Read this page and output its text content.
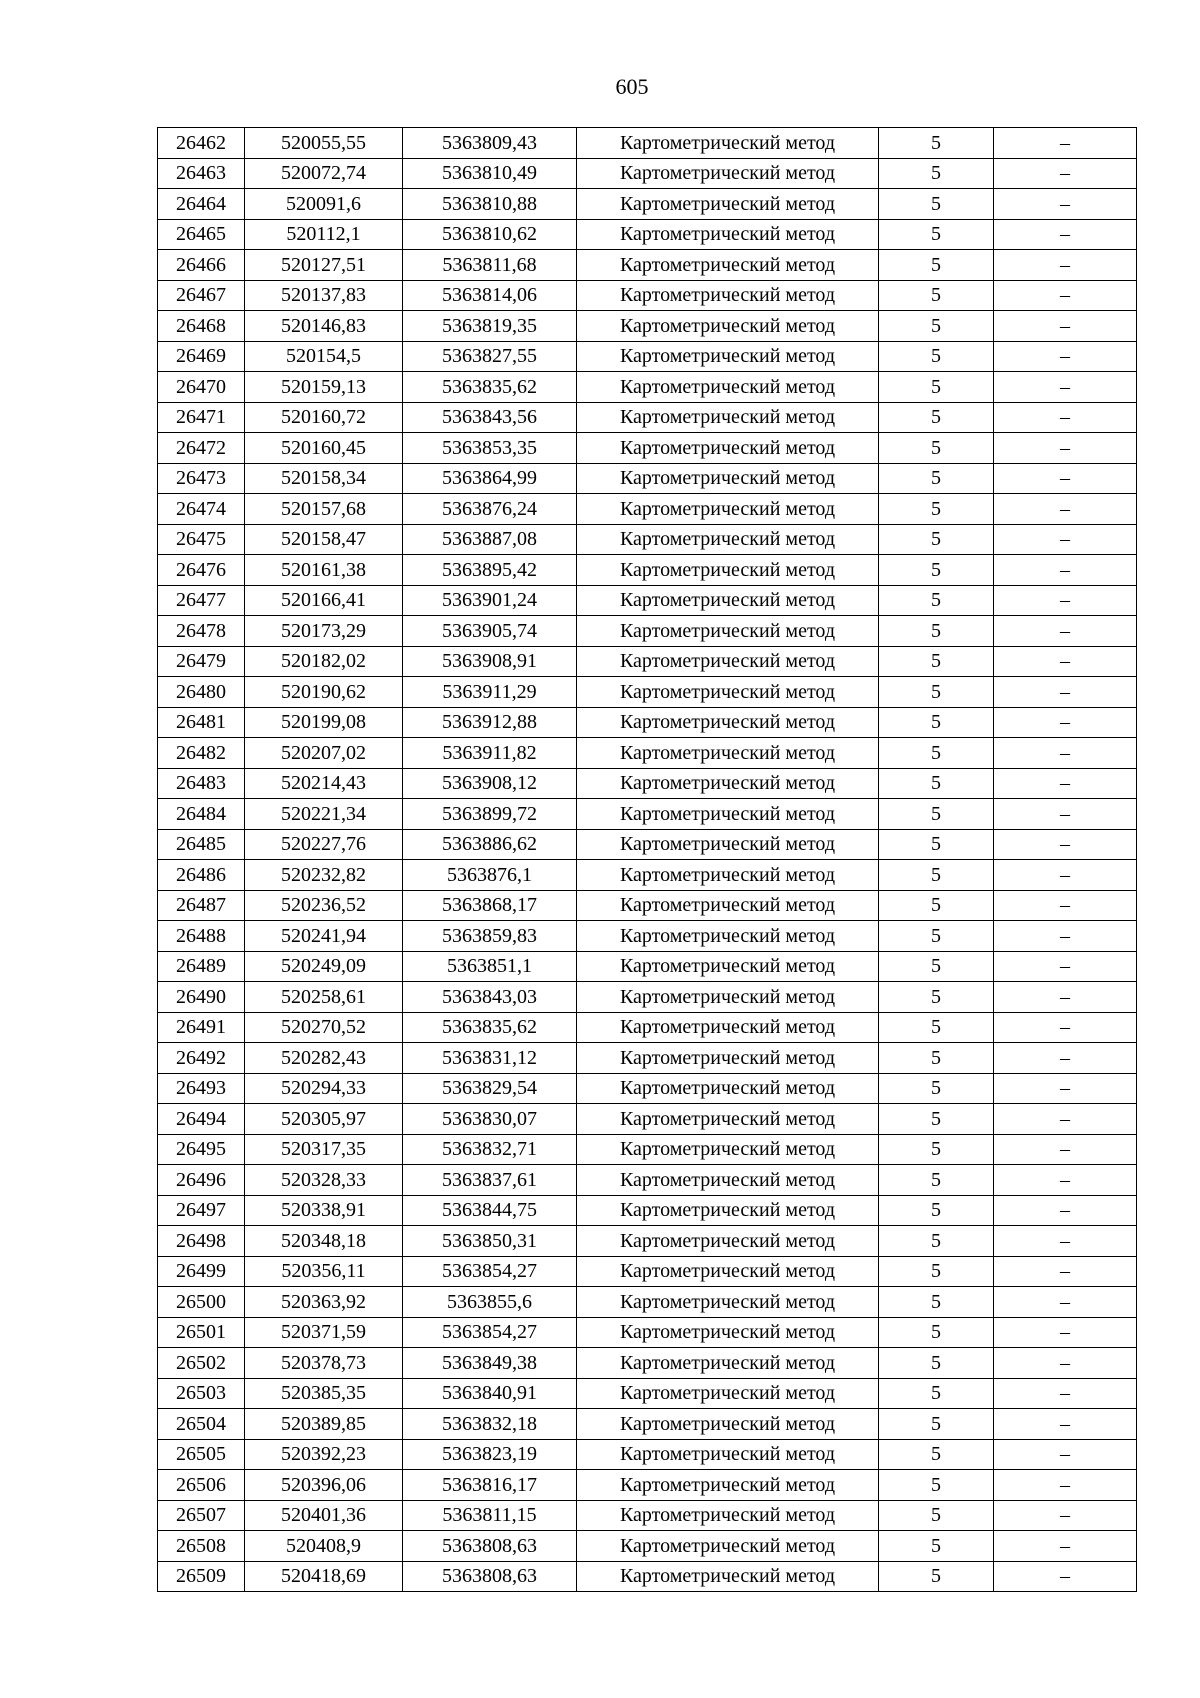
605
26462	520055,55	5363809,43	Картометрический метод	5	–
26463	520072,74	5363810,49	Картометрический метод	5	–
26464	520091,6	5363810,88	Картометрический метод	5	–
26465	520112,1	5363810,62	Картометрический метод	5	–
26466	520127,51	5363811,68	Картометрический метод	5	–
26467	520137,83	5363814,06	Картометрический метод	5	–
26468	520146,83	5363819,35	Картометрический метод	5	–
26469	520154,5	5363827,55	Картометрический метод	5	–
26470	520159,13	5363835,62	Картометрический метод	5	–
26471	520160,72	5363843,56	Картометрический метод	5	–
26472	520160,45	5363853,35	Картометрический метод	5	–
26473	520158,34	5363864,99	Картометрический метод	5	–
26474	520157,68	5363876,24	Картометрический метод	5	–
26475	520158,47	5363887,08	Картометрический метод	5	–
26476	520161,38	5363895,42	Картометрический метод	5	–
26477	520166,41	5363901,24	Картометрический метод	5	–
26478	520173,29	5363905,74	Картометрический метод	5	–
26479	520182,02	5363908,91	Картометрический метод	5	–
26480	520190,62	5363911,29	Картометрический метод	5	–
26481	520199,08	5363912,88	Картометрический метод	5	–
26482	520207,02	5363911,82	Картометрический метод	5	–
26483	520214,43	5363908,12	Картометрический метод	5	–
26484	520221,34	5363899,72	Картометрический метод	5	–
26485	520227,76	5363886,62	Картометрический метод	5	–
26486	520232,82	5363876,1	Картометрический метод	5	–
26487	520236,52	5363868,17	Картометрический метод	5	–
26488	520241,94	5363859,83	Картометрический метод	5	–
26489	520249,09	5363851,1	Картометрический метод	5	–
26490	520258,61	5363843,03	Картометрический метод	5	–
26491	520270,52	5363835,62	Картометрический метод	5	–
26492	520282,43	5363831,12	Картометрический метод	5	–
26493	520294,33	5363829,54	Картометрический метод	5	–
26494	520305,97	5363830,07	Картометрический метод	5	–
26495	520317,35	5363832,71	Картометрический метод	5	–
26496	520328,33	5363837,61	Картометрический метод	5	–
26497	520338,91	5363844,75	Картометрический метод	5	–
26498	520348,18	5363850,31	Картометрический метод	5	–
26499	520356,11	5363854,27	Картометрический метод	5	–
26500	520363,92	5363855,6	Картометрический метод	5	–
26501	520371,59	5363854,27	Картометрический метод	5	–
26502	520378,73	5363849,38	Картометрический метод	5	–
26503	520385,35	5363840,91	Картометрический метод	5	–
26504	520389,85	5363832,18	Картометрический метод	5	–
26505	520392,23	5363823,19	Картометрический метод	5	–
26506	520396,06	5363816,17	Картометрический метод	5	–
26507	520401,36	5363811,15	Картометрический метод	5	–
26508	520408,9	5363808,63	Картометрический метод	5	–
26509	520418,69	5363808,63	Картометрический метод	5	–
